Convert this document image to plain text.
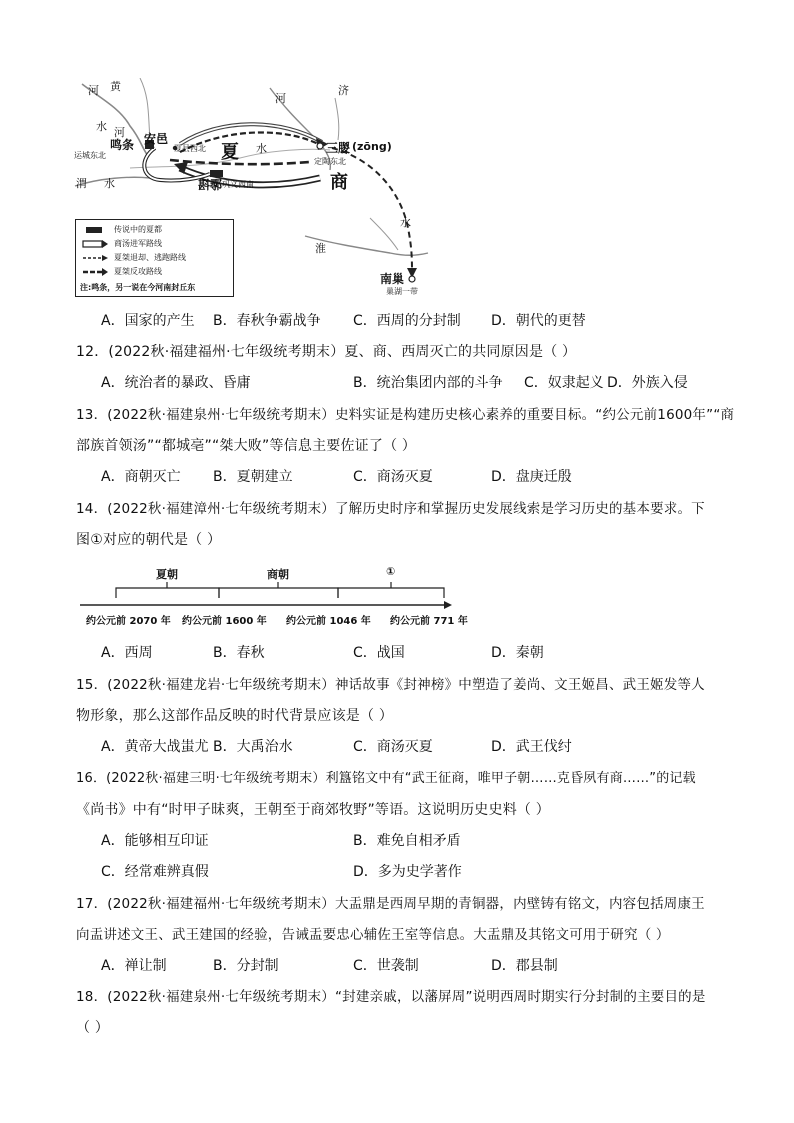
河 黄
河
济
水 河
鸣条 安邑
运城东北
夏县西北 夏 水	三朡 (zōng)
定陶东北
渭 水	斟鄩 巩义西南	商
水
淮
南巢
巢湖一带
传说中的夏都
商汤进军路线
夏桀退却、逃跑路线
夏桀反攻路线
注:鸣条，另一说在今河南封丘东
A．国家的产生 B．春秋争霸战争 C．西周的分封制 D．朝代的更替
12．(2022秋·福建福州·七年级统考期末）夏、商、西周灭亡的共同原因是（ ）
A．统治者的暴政、昏庸	B．统治集团内部的斗争 C．奴隶起义 D．外族入侵
13．(2022秋·福建泉州·七年级统考期末）史料实证是构建历史核心素养的重要目标。“约公元前1600年”“商
部族首领汤”“都城亳”“桀大败”等信息主要佐证了（ ）
A．商朝灭亡 B．夏朝建立	C．商汤灭夏	D．盘庚迁殷
14．(2022秋·福建漳州·七年级统考期末）了解历史时序和掌握历史发展线索是学习历史的基本要求。下
图①对应的朝代是（ ）
夏朝	商朝	①
约公元前 2070 年 约公元前 1600 年 约公元前 1046 年 约公元前 771 年
A．西周	B．春秋	C．战国	D．秦朝
15．(2022秋·福建龙岩·七年级统考期末）神话故事《封神榜》中塑造了姜尚、文王姬昌、武王姬发等人
物形象，那么这部作品反映的时代背景应该是（ ）
A．黄帝大战蚩尤 B．大禹治水	C．商汤灭夏	D．武王伐纣
16．(2022秋·福建三明·七年级统考期末）利簋铭文中有“武王征商，唯甲子朝……克昏夙有商……”的记载
《尚书》中有“时甲子昧爽，王朝至于商郊牧野”等语。这说明历史史料（ ）
A．能够相互印证	B．难免自相矛盾
C．经常难辨真假	D．多为史学著作
17．(2022秋·福建福州·七年级统考期末）大盂鼎是西周早期的青铜器，内壁铸有铭文，内容包括周康王
向盂讲述文王、武王建国的经验，告诫盂要忠心辅佐王室等信息。大盂鼎及其铭文可用于研究（ ）
A．禅让制	B．分封制	C．世袭制	D．郡县制
18．(2022秋·福建泉州·七年级统考期末）“封建亲戚，以藩屏周”说明西周时期实行分封制的主要目的是
（ ）
